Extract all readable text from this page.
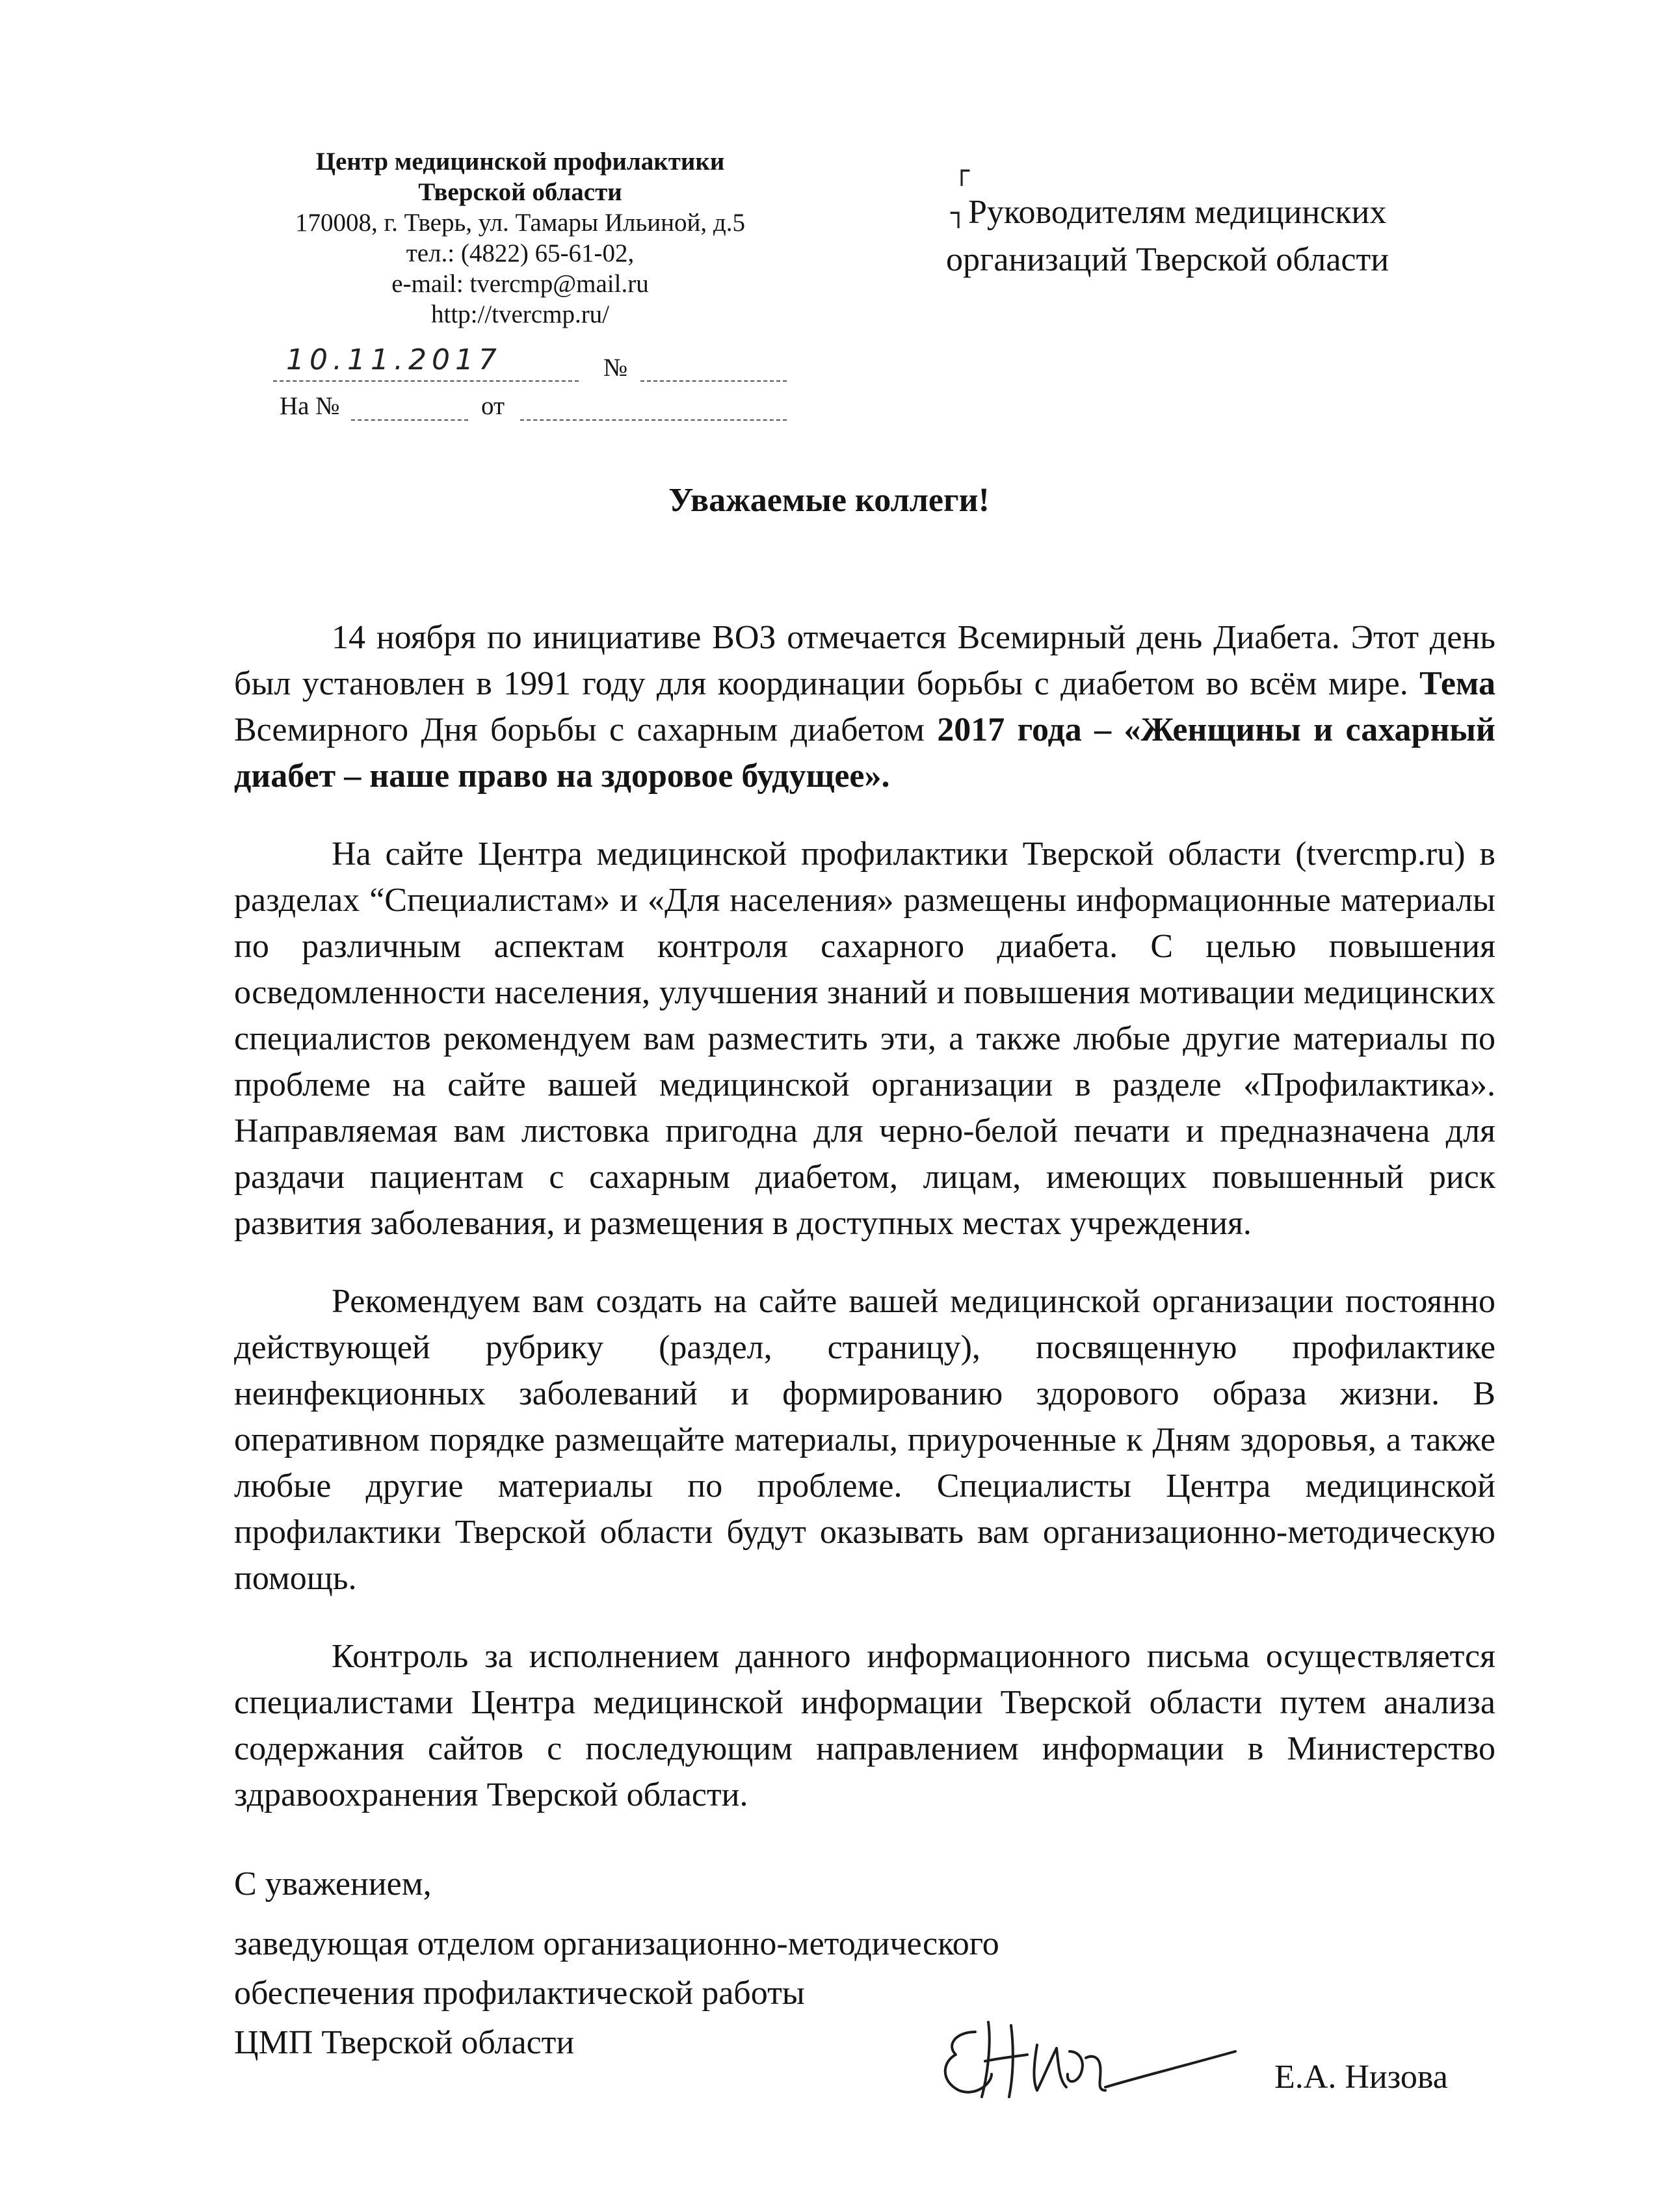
Центр медицинской профилактики
Тверской области
170008, г. Тверь, ул. Тамары Ильиной, д.5
тел.: (4822) 65-61-02,
e-mail: tvercmp@mail.ru
http://tvercmp.ru/
10.11.2017	№
На №	от
┌
┐ Руководителям медицинских
организаций Тверской области
Уважаемые коллеги!

14 ноября по инициативе ВОЗ отмечается Всемирный день Диабета. Этот день был установлен в 1991 году для координации борьбы с диабетом во всём мире. Тема Всемирного Дня борьбы с сахарным диабетом 2017 года – «Женщины и сахарный диабет – наше право на здоровое будущее».

На сайте Центра медицинской профилактики Тверской области (tvercmp.ru) в разделах “Специалистам» и «Для населения» размещены информационные материалы по различным аспектам контроля сахарного диабета. С целью повышения осведомленности населения, улучшения знаний и повышения мотивации медицинских специалистов рекомендуем вам разместить эти, а также любые другие материалы по проблеме на сайте вашей медицинской организации в разделе «Профилактика». Направляемая вам листовка пригодна для черно-белой печати и предназначена для раздачи пациентам с сахарным диабетом, лицам, имеющих повышенный риск развития заболевания, и размещения в доступных местах учреждения.

Рекомендуем вам создать на сайте вашей медицинской организации постоянно действующей рубрику (раздел, страницу), посвященную профилактике неинфекционных заболеваний и формированию здорового образа жизни. В оперативном порядке размещайте материалы, приуроченные к Дням здоровья, а также любые другие материалы по проблеме. Специалисты Центра медицинской профилактики Тверской области будут оказывать вам организационно-методическую помощь.

Контроль за исполнением данного информационного письма осуществляется специалистами Центра медицинской информации Тверской области путем анализа содержания сайтов с последующим направлением информации в Министерство здравоохранения Тверской области.

С уважением,
заведующая отделом организационно-методического
обеспечения профилактической работы
ЦМП Тверской области
Е.А. Низова
